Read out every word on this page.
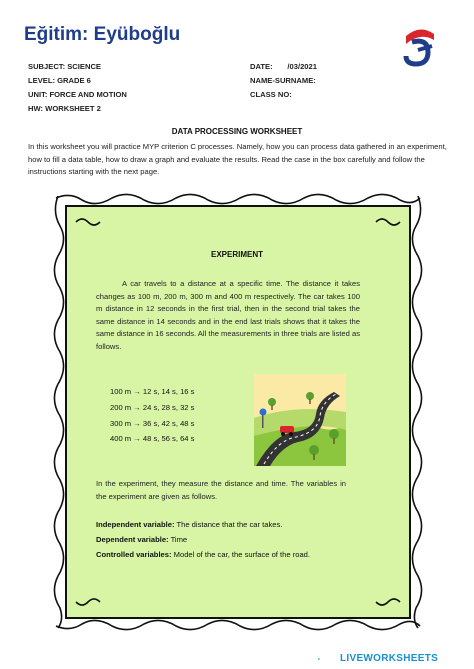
Eğitim: Eyüboğlu
SUBJECT: SCIENCE
LEVEL: GRADE 6
UNIT: FORCE AND MOTION
HW: WORKSHEET 2
DATE:       /03/2021
NAME-SURNAME:
CLASS NO:
DATA PROCESSING WORKSHEET
In this worksheet you will practice MYP criterion C processes. Namely, how you can process data gathered in an experiment, how to fill a data table, how to draw a graph and evaluate the results. Read the case in the box carefully and follow the instructions starting with the next page.
EXPERIMENT
A car travels to a distance at a specific time. The distance it takes changes as 100 m, 200 m, 300 m and 400 m respectively. The car takes 100 m distance in 12 seconds in the first trial, then in the second trial takes the same distance in 14 seconds and in the end last trials shows that it takes the same distance in 16 seconds. All the measurements in three trials are listed as follows.
100 m → 12 s, 14 s, 16 s
200 m → 24 s, 28 s, 32 s
300 m → 36 s, 42 s, 48 s
400 m → 48 s, 56 s, 64 s
In the experiment, they measure the distance and time. The variables in the experiment are given as follows.
Independent variable: The distance that the car takes.
Dependent variable: Time
Controlled variables: Model of the car, the surface of the road.
LIVEWORKSHEETS
